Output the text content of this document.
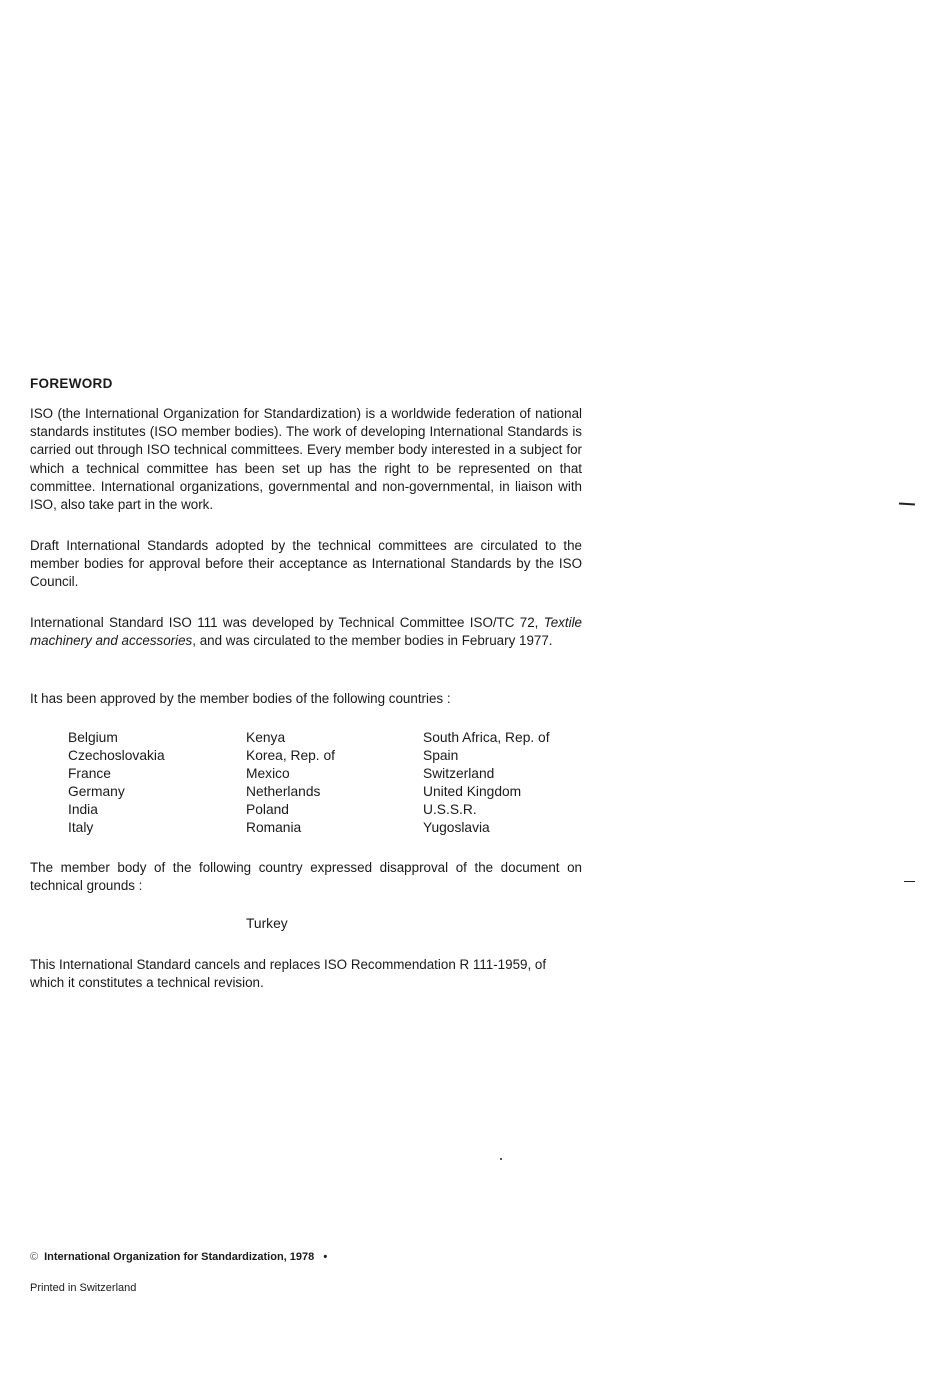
FOREWORD

ISO (the International Organization for Standardization) is a worldwide federation of national standards institutes (ISO member bodies). The work of developing International Standards is carried out through ISO technical committees. Every member body interested in a subject for which a technical committee has been set up has the right to be represented on that committee. International organizations, governmental and non-governmental, in liaison with ISO, also take part in the work.

Draft International Standards adopted by the technical committees are circulated to the member bodies for approval before their acceptance as International Standards by the ISO Council.

International Standard ISO 111 was developed by Technical Committee ISO/TC 72, Textile machinery and accessories, and was circulated to the member bodies in February 1977.

It has been approved by the member bodies of the following countries :

Belgium
Czechoslovakia
France
Germany
India
Italy
Kenya
Korea, Rep. of
Mexico
Netherlands
Poland
Romania
South Africa, Rep. of
Spain
Switzerland
United Kingdom
U.S.S.R.
Yugoslavia

The member body of the following country expressed disapproval of the document on technical grounds :

Turkey

This International Standard cancels and replaces ISO Recommendation R 111-1959, of which it constitutes a technical revision.

© International Organization for Standardization, 1978 •
Printed in Switzerland
